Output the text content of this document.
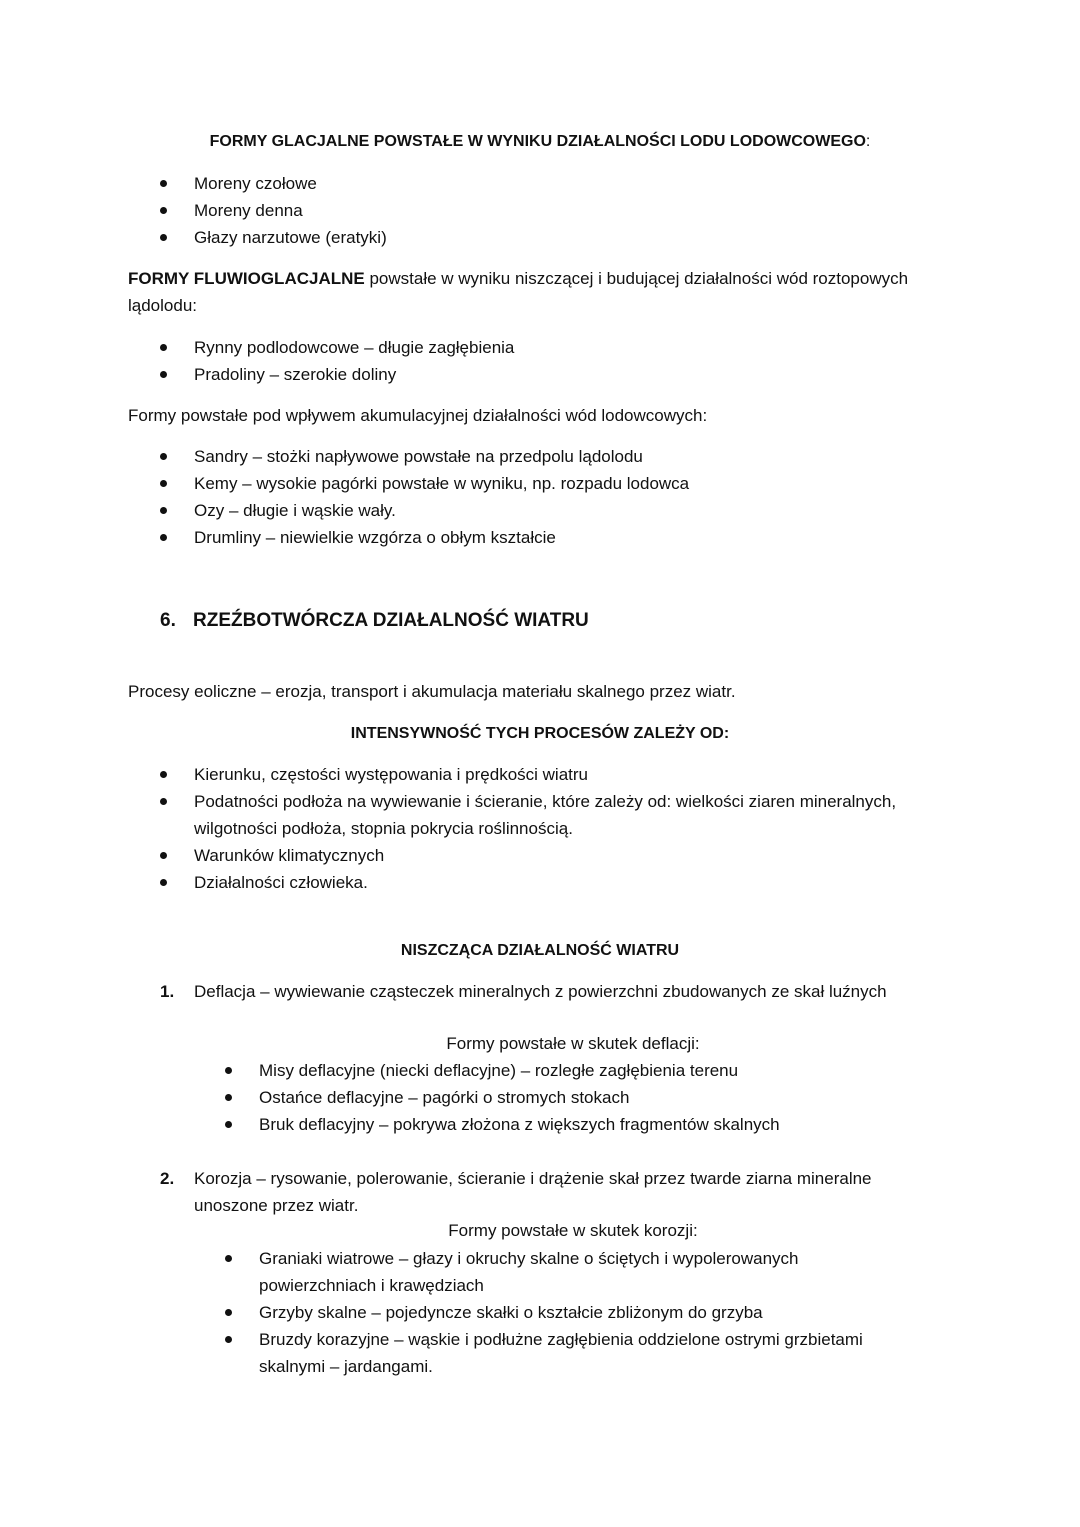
FORMY GLACJALNE POWSTAŁE W WYNIKU DZIAŁALNOŚCI LODU LODOWCOWEGO:
Moreny czołowe
Moreny denna
Głazy narzutowe (eratyki)
FORMY FLUWIOGLACJALNE powstałe w wyniku niszczącej i budującej działalności wód roztopowych lądolodu:
Rynny podlodowcowe – długie zagłębienia
Pradoliny – szerokie doliny
Formy powstałe pod wpływem akumulacyjnej działalności wód lodowcowych:
Sandry – stożki napływowe powstałe na przedpolu lądolodu
Kemy – wysokie pagórki powstałe w wyniku, np. rozpadu lodowca
Ozy – długie i wąskie wały.
Drumliny – niewielkie wzgórza o obłym kształcie
6. RZEŹBOTWÓRCZA DZIAŁALNOŚĆ WIATRU
Procesy eoliczne – erozja, transport i akumulacja materiału skalnego przez wiatr.
INTENSYWNOŚĆ TYCH PROCESÓW ZALEŻY OD:
Kierunku, częstości występowania i prędkości wiatru
Podatności podłoża na wywiewanie i ścieranie, które zależy od: wielkości ziaren mineralnych, wilgotności podłoża, stopnia pokrycia roślinnością.
Warunków klimatycznych
Działalności człowieka.
NISZCZĄCA DZIAŁALNOŚĆ WIATRU
1.	Deflacja – wywiewanie cząsteczek mineralnych z powierzchni zbudowanych ze skał luźnych
Formy powstałe w skutek deflacji:
Misy deflacyjne (niecki deflacyjne) – rozległe zagłębienia terenu
Ostańce deflacyjne – pagórki o stromych stokach
Bruk deflacyjny – pokrywa złożona z większych fragmentów skalnych
2.	Korozja – rysowanie, polerowanie, ścieranie i drążenie skał przez twarde ziarna mineralne unoszone przez wiatr.
Formy powstałe w skutek korozji:
Graniaki wiatrowe – głazy i okruchy skalne o ściętych i wypolerowanych powierzchniach i krawędziach
Grzyby skalne – pojedyncze skałki o kształcie zbliżonym do grzyba
Bruzdy korazyjne – wąskie i podłużne zagłębienia oddzielone ostrymi grzbietami skalnymi – jardangami.
